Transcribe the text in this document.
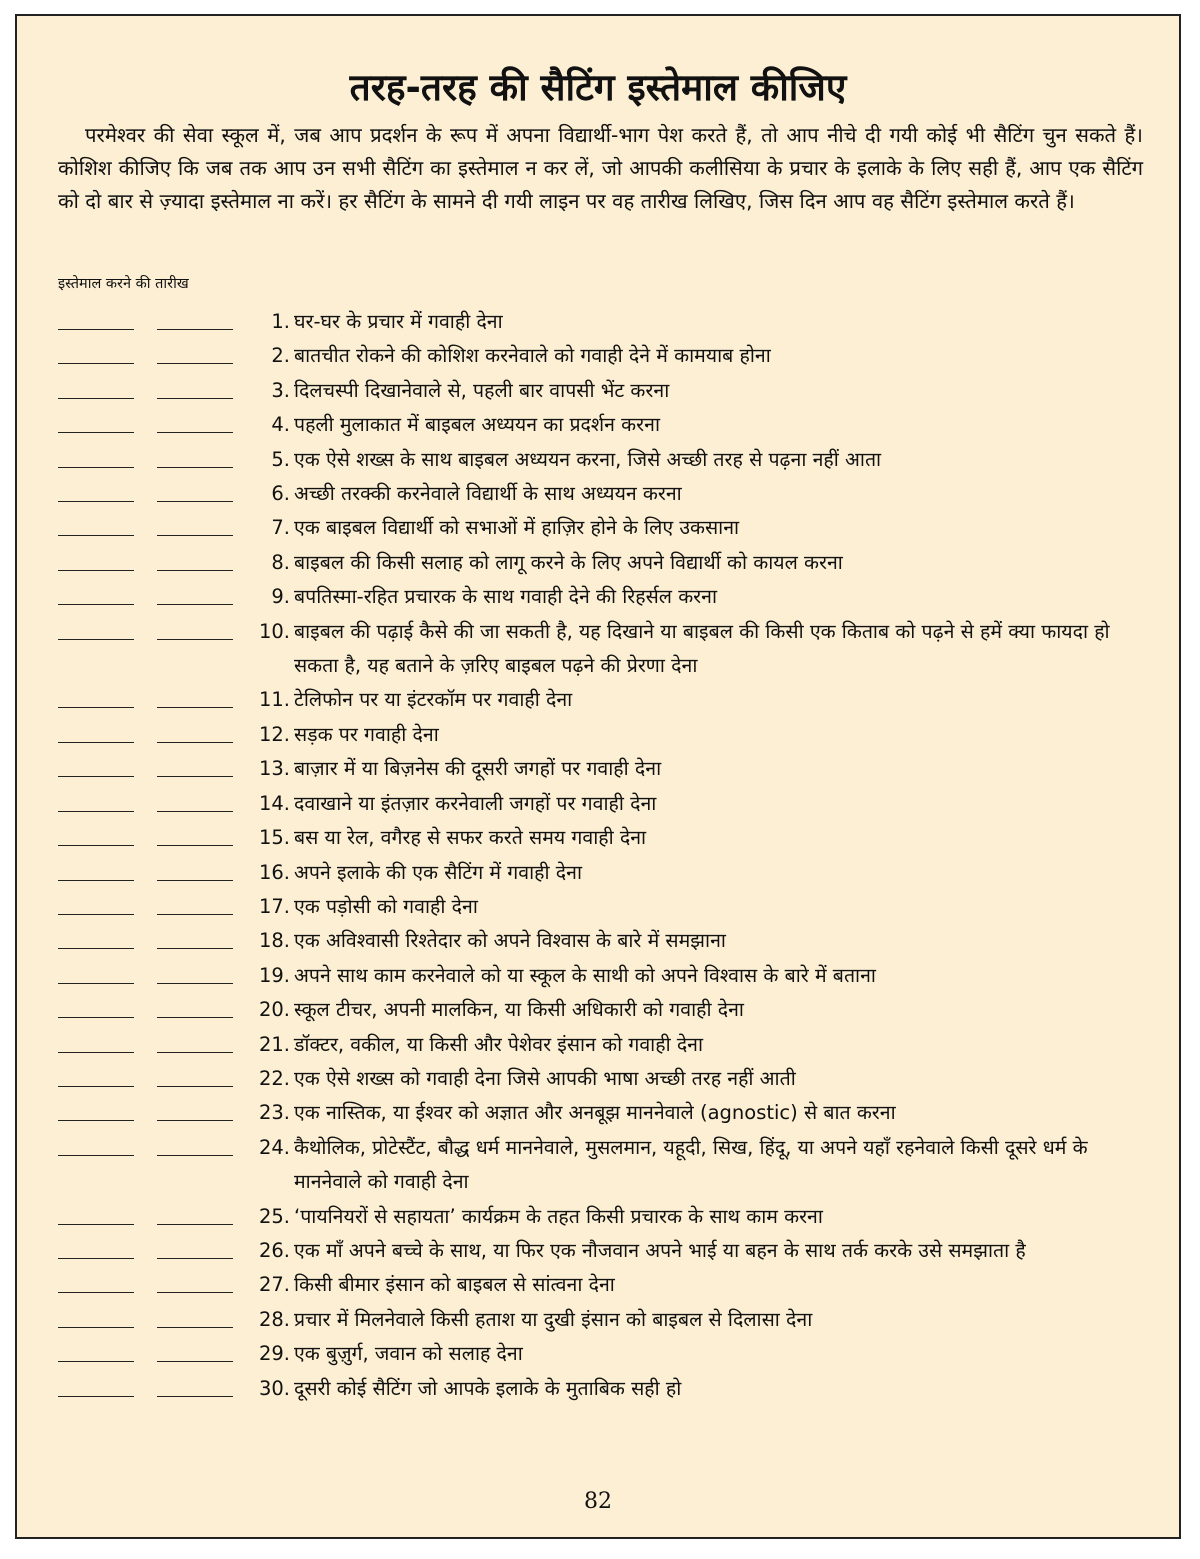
तरह-तरह की सैटिंग इस्तेमाल कीजिए

परमेश्‍वर की सेवा स्कूल में, जब आप प्रदर्शन के रूप में अपना विद्यार्थी-भाग पेश करते हैं, तो आप नीचे दी गयी कोई भी सैटिंग चुन सकते हैं। कोशिश कीजिए कि जब तक आप उन सभी सैटिंग का इस्तेमाल न कर लें, जो आपकी कलीसिया के प्रचार के इलाके के लिए सही हैं, आप एक सैटिंग को दो बार से ज़्यादा इस्तेमाल ना करें। हर सैटिंग के सामने दी गयी लाइन पर वह तारीख लिखिए, जिस दिन आप वह सैटिंग इस्तेमाल करते हैं।

इस्तेमाल करने की तारीख
1. घर-घर के प्रचार में गवाही देना
2. बातचीत रोकने की कोशिश करनेवाले को गवाही देने में कामयाब होना
3. दिलचस्पी दिखानेवाले से, पहली बार वापसी भेंट करना
4. पहली मुलाकात में बाइबल अध्ययन का प्रदर्शन करना
5. एक ऐसे शख्स के साथ बाइबल अध्ययन करना, जिसे अच्छी तरह से पढ़ना नहीं आता
6. अच्छी तरक्की करनेवाले विद्यार्थी के साथ अध्ययन करना
7. एक बाइबल विद्यार्थी को सभाओं में हाज़िर होने के लिए उकसाना
8. बाइबल की किसी सलाह को लागू करने के लिए अपने विद्यार्थी को कायल करना
9. बपतिस्मा-रहित प्रचारक के साथ गवाही देने की रिहर्सल करना
10. बाइबल की पढ़ाई कैसे की जा सकती है, यह दिखाने या बाइबल की किसी एक किताब को पढ़ने से हमें क्या फायदा हो सकता है, यह बताने के ज़रिए बाइबल पढ़ने की प्रेरणा देना
11. टेलिफोन पर या इंटरकॉम पर गवाही देना
12. सड़क पर गवाही देना
13. बाज़ार में या बिज़नेस की दूसरी जगहों पर गवाही देना
14. दवाखाने या इंतज़ार करनेवाली जगहों पर गवाही देना
15. बस या रेल, वगैरह से सफर करते समय गवाही देना
16. अपने इलाके की एक सैटिंग में गवाही देना
17. एक पड़ोसी को गवाही देना
18. एक अविश्‍वासी रिश्‍तेदार को अपने विश्‍वास के बारे में समझाना
19. अपने साथ काम करनेवाले को या स्कूल के साथी को अपने विश्‍वास के बारे में बताना
20. स्कूल टीचर, अपनी मालकिन, या किसी अधिकारी को गवाही देना
21. डॉक्टर, वकील, या किसी और पेशेवर इंसान को गवाही देना
22. एक ऐसे शख्स को गवाही देना जिसे आपकी भाषा अच्छी तरह नहीं आती
23. एक नास्तिक, या ईश्‍वर को अज्ञात और अनबूझ माननेवाले (agnostic) से बात करना
24. कैथोलिक, प्रोटेस्टैंट, बौद्ध धर्म माननेवाले, मुसलमान, यहूदी, सिख, हिंदू, या अपने यहाँ रहनेवाले किसी दूसरे धर्म के माननेवाले को गवाही देना
25. ‘पायनियरों से सहायता’ कार्यक्रम के तहत किसी प्रचारक के साथ काम करना
26. एक माँ अपने बच्चे के साथ, या फिर एक नौजवान अपने भाई या बहन के साथ तर्क करके उसे समझाता है
27. किसी बीमार इंसान को बाइबल से सांत्वना देना
28. प्रचार में मिलनेवाले किसी हताश या दुखी इंसान को बाइबल से दिलासा देना
29. एक बुज़ुर्ग, जवान को सलाह देना
30. दूसरी कोई सैटिंग जो आपके इलाके के मुताबिक सही हो
82
